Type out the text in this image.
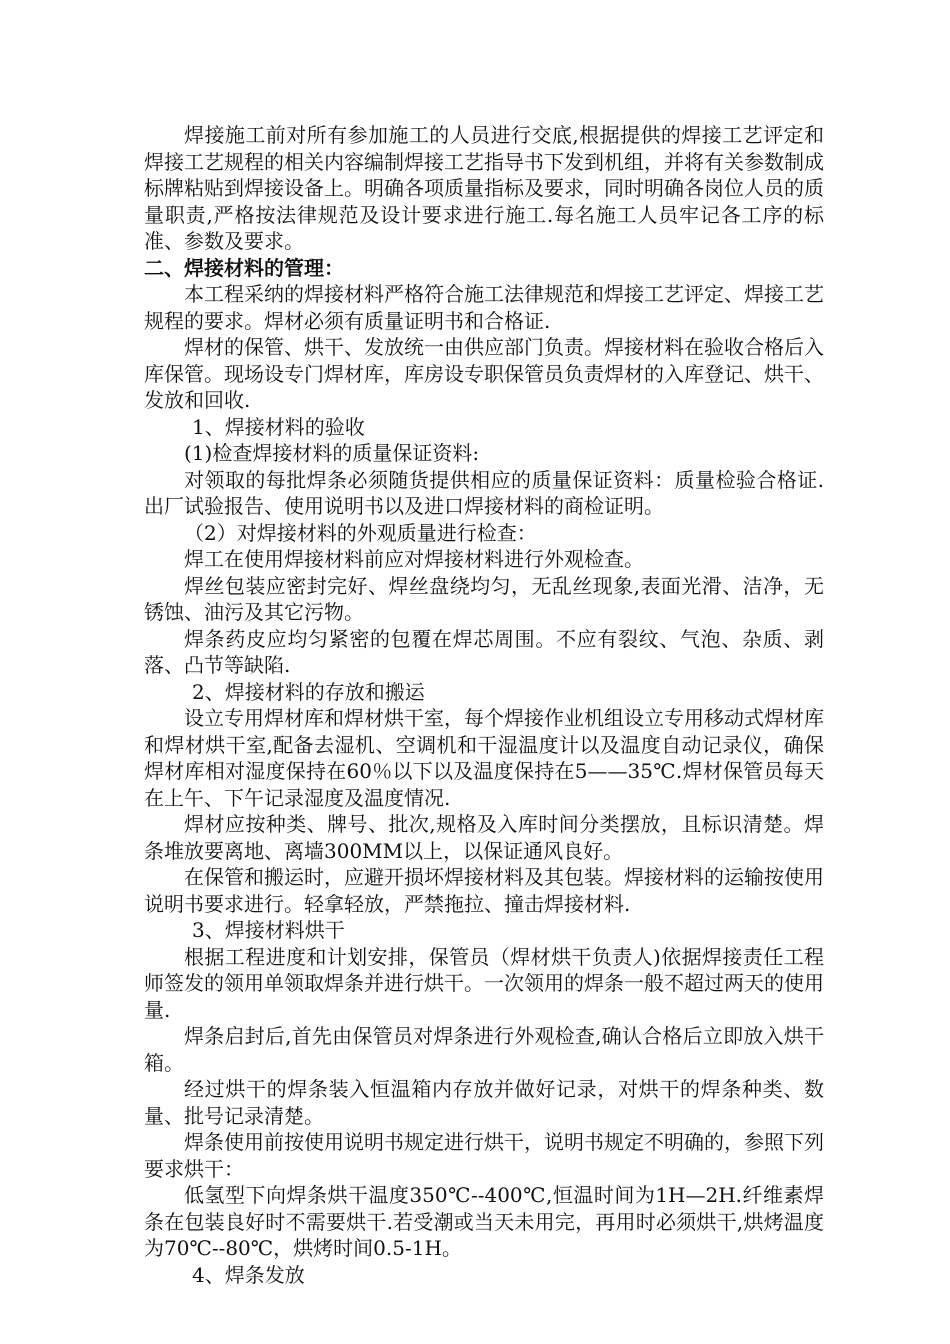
焊接施工前对所有参加施工的人员进行交底,根据提供的焊接工艺评定和焊接工艺规程的相关内容编制焊接工艺指导书下发到机组，并将有关参数制成标牌粘贴到焊接设备上。明确各项质量指标及要求，同时明确各岗位人员的质量职责,严格按法律规范及设计要求进行施工.每名施工人员牢记各工序的标准、参数及要求。

二、焊接材料的管理：

本工程采纳的焊接材料严格符合施工法律规范和焊接工艺评定、焊接工艺规程的要求。焊材必须有质量证明书和合格证.

焊材的保管、烘干、发放统一由供应部门负责。焊接材料在验收合格后入库保管。现场设专门焊材库，库房设专职保管员负责焊材的入库登记、烘干、发放和回收.

1、焊接材料的验收

(1)检查焊接材料的质量保证资料:

对领取的每批焊条必须随货提供相应的质量保证资料：质量检验合格证.出厂试验报告、使用说明书以及进口焊接材料的商检证明。

（2）对焊接材料的外观质量进行检查：

焊工在使用焊接材料前应对焊接材料进行外观检查。

焊丝包装应密封完好、焊丝盘绕均匀，无乱丝现象,表面光滑、洁净，无锈蚀、油污及其它污物。

焊条药皮应均匀紧密的包覆在焊芯周围。不应有裂纹、气泡、杂质、剥落、凸节等缺陷.

2、焊接材料的存放和搬运

设立专用焊材库和焊材烘干室，每个焊接作业机组设立专用移动式焊材库和焊材烘干室,配备去湿机、空调机和干湿温度计以及温度自动记录仪，确保焊材库相对湿度保持在60％以下以及温度保持在5——35℃.焊材保管员每天在上午、下午记录湿度及温度情况.

焊材应按种类、牌号、批次,规格及入库时间分类摆放，且标识清楚。焊条堆放要离地、离墙300MM以上，以保证通风良好。

在保管和搬运时，应避开损坏焊接材料及其包装。焊接材料的运输按使用说明书要求进行。轻拿轻放，严禁拖拉、撞击焊接材料.

3、焊接材料烘干

根据工程进度和计划安排，保管员（焊材烘干负责人)依据焊接责任工程师签发的领用单领取焊条并进行烘干。一次领用的焊条一般不超过两天的使用量.

焊条启封后,首先由保管员对焊条进行外观检查,确认合格后立即放入烘干箱。

经过烘干的焊条装入恒温箱内存放并做好记录，对烘干的焊条种类、数量、批号记录清楚。

焊条使用前按使用说明书规定进行烘干，说明书规定不明确的，参照下列要求烘干：

低氢型下向焊条烘干温度350℃--400℃,恒温时间为1H—2H.纤维素焊条在包装良好时不需要烘干.若受潮或当天未用完，再用时必须烘干,烘烤温度为70℃--80℃，烘烤时间0.5-1H。

4、焊条发放
